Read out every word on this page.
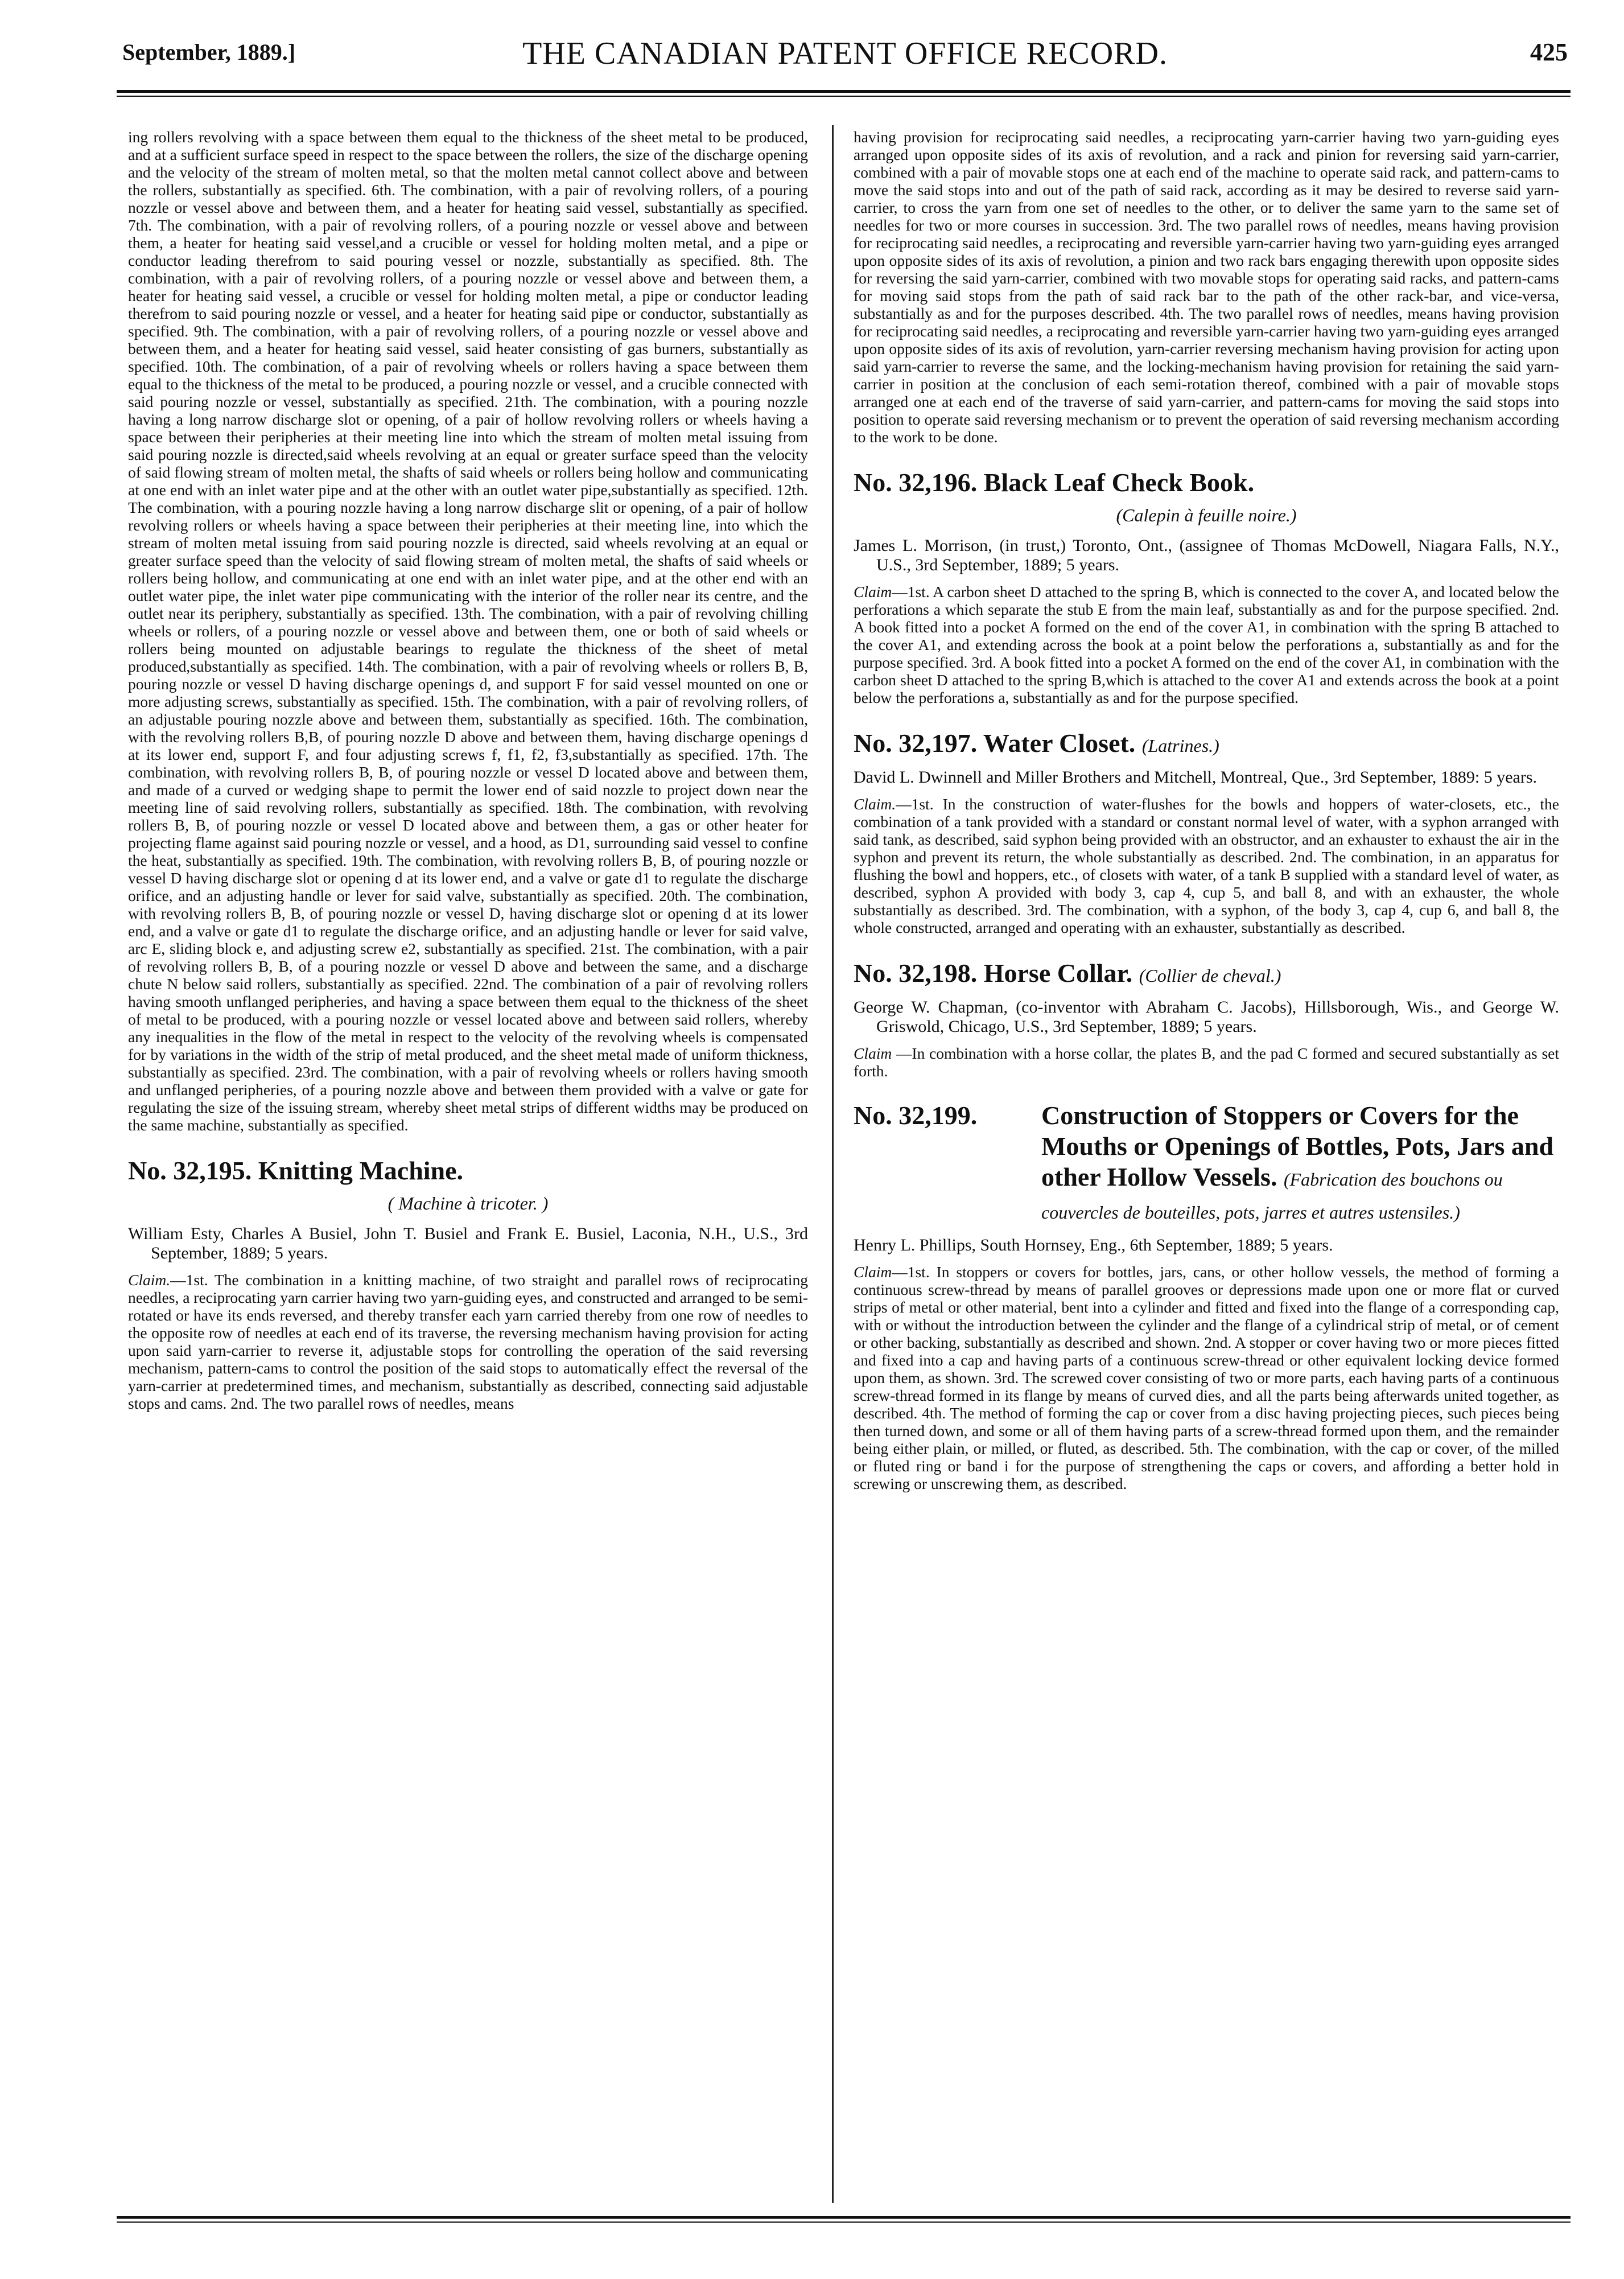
September, 1889.]	THE CANADIAN PATENT OFFICE RECORD.	425

ing rollers revolving with a space between them equal to the thickness of the sheet metal to be produced, and at a sufficient surface speed in respect to the space between the rollers, the size of the discharge opening and the velocity of the stream of molten metal, so that the molten metal cannot collect above and between the rollers, substantially as specified. 6th. The combination, with a pair of revolving rollers, of a pouring nozzle or vessel above and between them, and a heater for heating said vessel, substantially as specified. 7th. The combination, with a pair of revolving rollers, of a pouring nozzle or vessel above and between them, a heater for heating said vessel,and a crucible or vessel for holding molten metal, and a pipe or conductor leading therefrom to said pouring vessel or nozzle, substantially as specified. 8th. The combination, with a pair of revolving rollers, of a pouring nozzle or vessel above and between them, a heater for heating said vessel, a crucible or vessel for holding molten metal, a pipe or conductor leading therefrom to said pouring nozzle or vessel, and a heater for heating said pipe or conductor, substantially as specified. 9th. The combination, with a pair of revolving rollers, of a pouring nozzle or vessel above and between them, and a heater for heating said vessel, said heater consisting of gas burners, substantially as specified. 10th. The combination, of a pair of revolving wheels or rollers having a space between them equal to the thickness of the metal to be produced, a pouring nozzle or vessel, and a crucible connected with said pouring nozzle or vessel, substantially as specified. 21th. The combination, with a pouring nozzle having a long narrow discharge slot or opening, of a pair of hollow revolving rollers or wheels having a space between their peripheries at their meeting line into which the stream of molten metal issuing from said pouring nozzle is directed,said wheels revolving at an equal or greater surface speed than the velocity of said flowing stream of molten metal, the shafts of said wheels or rollers being hollow and communicating at one end with an inlet water pipe and at the other with an outlet water pipe,substantially as specified. 12th. The combination, with a pouring nozzle having a long narrow discharge slit or opening, of a pair of hollow revolving rollers or wheels having a space between their peripheries at their meeting line, into which the stream of molten metal issuing from said pouring nozzle is directed, said wheels revolving at an equal or greater surface speed than the velocity of said flowing stream of molten metal, the shafts of said wheels or rollers being hollow, and communicating at one end with an inlet water pipe, and at the other end with an outlet water pipe, the inlet water pipe communicating with the interior of the roller near its centre, and the outlet near its periphery, substantially as specified. 13th. The combination, with a pair of revolving chilling wheels or rollers, of a pouring nozzle or vessel above and between them, one or both of said wheels or rollers being mounted on adjustable bearings to regulate the thickness of the sheet of metal produced,substantially as specified. 14th. The combination, with a pair of revolving wheels or rollers B, B, pouring nozzle or vessel D having discharge openings d, and support F for said vessel mounted on one or more adjusting screws, substantially as specified. 15th. The combination, with a pair of revolving rollers, of an adjustable pouring nozzle above and between them, substantially as specified. 16th. The combination, with the revolving rollers B,B, of pouring nozzle D above and between them, having discharge openings d at its lower end, support F, and four adjusting screws f, f1, f2, f3,substantially as specified. 17th. The combination, with revolving rollers B, B, of pouring nozzle or vessel D located above and between them, and made of a curved or wedging shape to permit the lower end of said nozzle to project down near the meeting line of said revolving rollers, substantially as specified. 18th. The combination, with revolving rollers B, B, of pouring nozzle or vessel D located above and between them, a gas or other heater for projecting flame against said pouring nozzle or vessel, and a hood, as D1, surrounding said vessel to confine the heat, substantially as specified. 19th. The combination, with revolving rollers B, B, of pouring nozzle or vessel D having discharge slot or opening d at its lower end, and a valve or gate d1 to regulate the discharge orifice, and an adjusting handle or lever for said valve, substantially as specified. 20th. The combination, with revolving rollers B, B, of pouring nozzle or vessel D, having discharge slot or opening d at its lower end, and a valve or gate d1 to regulate the discharge orifice, and an adjusting handle or lever for said valve, arc E, sliding block e, and adjusting screw e2, substantially as specified. 21st. The combination, with a pair of revolving rollers B, B, of a pouring nozzle or vessel D above and between the same, and a discharge chute N below said rollers, substantially as specified. 22nd. The combination of a pair of revolving rollers having smooth unflanged peripheries, and having a space between them equal to the thickness of the sheet of metal to be produced, with a pouring nozzle or vessel located above and between said rollers, whereby any inequalities in the flow of the metal in respect to the velocity of the revolving wheels is compensated for by variations in the width of the strip of metal produced, and the sheet metal made of uniform thickness, substantially as specified. 23rd. The combination, with a pair of revolving wheels or rollers having smooth and unflanged peripheries, of a pouring nozzle above and between them provided with a valve or gate for regulating the size of the issuing stream, whereby sheet metal strips of different widths may be produced on the same machine, substantially as specified.

No. 32,195. Knitting Machine.
( Machine à tricoter. )
William Esty, Charles A Busiel, John T. Busiel and Frank E. Busiel, Laconia, N.H., U.S., 3rd September, 1889; 5 years.

Claim.—1st. The combination in a knitting machine, of two straight and parallel rows of reciprocating needles, a reciprocating yarn carrier having two yarn-guiding eyes, and constructed and arranged to be semi-rotated or have its ends reversed, and thereby transfer each yarn carried thereby from one row of needles to the opposite row of needles at each end of its traverse, the reversing mechanism having provision for acting upon said yarn-carrier to reverse it, adjustable stops for controlling the operation of the said reversing mechanism, pattern-cams to control the position of the said stops to automatically effect the reversal of the yarn-carrier at predetermined times, and mechanism, substantially as described, connecting said adjustable stops and cams. 2nd. The two parallel rows of needles, means

having provision for reciprocating said needles, a reciprocating yarn-carrier having two yarn-guiding eyes arranged upon opposite sides of its axis of revolution, and a rack and pinion for reversing said yarn-carrier, combined with a pair of movable stops one at each end of the machine to operate said rack, and pattern-cams to move the said stops into and out of the path of said rack, according as it may be desired to reverse said yarn-carrier, to cross the yarn from one set of needles to the other, or to deliver the same yarn to the same set of needles for two or more courses in succession. 3rd. The two parallel rows of needles, means having provision for reciprocating said needles, a reciprocating and reversible yarn-carrier having two yarn-guiding eyes arranged upon opposite sides of its axis of revolution, a pinion and two rack bars engaging therewith upon opposite sides for reversing the said yarn-carrier, combined with two movable stops for operating said racks, and pattern-cams for moving said stops from the path of said rack bar to the path of the other rack-bar, and vice-versa, substantially as and for the purposes described. 4th. The two parallel rows of needles, means having provision for reciprocating said needles, a reciprocating and reversible yarn-carrier having two yarn-guiding eyes arranged upon opposite sides of its axis of revolution, yarn-carrier reversing mechanism having provision for acting upon said yarn-carrier to reverse the same, and the locking-mechanism having provision for retaining the said yarn-carrier in position at the conclusion of each semi-rotation thereof, combined with a pair of movable stops arranged one at each end of the traverse of said yarn-carrier, and pattern-cams for moving the said stops into position to operate said reversing mechanism or to prevent the operation of said reversing mechanism according to the work to be done.

No. 32,196. Black Leaf Check Book.
(Calepin à feuille noire.)
James L. Morrison, (in trust,) Toronto, Ont., (assignee of Thomas McDowell, Niagara Falls, N.Y., U.S., 3rd September, 1889; 5 years.

Claim—1st. A carbon sheet D attached to the spring B, which is connected to the cover A, and located below the perforations a which separate the stub E from the main leaf, substantially as and for the purpose specified. 2nd. A book fitted into a pocket A formed on the end of the cover A1, in combination with the spring B attached to the cover A1, and extending across the book at a point below the perforations a, substantially as and for the purpose specified. 3rd. A book fitted into a pocket A formed on the end of the cover A1, in combination with the carbon sheet D attached to the spring B,which is attached to the cover A1 and extends across the book at a point below the perforations a, substantially as and for the purpose specified.

No. 32,197. Water Closet. (Latrines.)
David L. Dwinnell and Miller Brothers and Mitchell, Montreal, Que., 3rd September, 1889: 5 years.

Claim.—1st. In the construction of water-flushes for the bowls and hoppers of water-closets, etc., the combination of a tank provided with a standard or constant normal level of water, with a syphon arranged with said tank, as described, said syphon being provided with an obstructor, and an exhauster to exhaust the air in the syphon and prevent its return, the whole substantially as described. 2nd. The combination, in an apparatus for flushing the bowl and hoppers, etc., of closets with water, of a tank B supplied with a standard level of water, as described, syphon A provided with body 3, cap 4, cup 5, and ball 8, and with an exhauster, the whole substantially as described. 3rd. The combination, with a syphon, of the body 3, cap 4, cup 6, and ball 8, the whole constructed, arranged and operating with an exhauster, substantially as described.

No. 32,198. Horse Collar. (Collier de cheval.)
George W. Chapman, (co-inventor with Abraham C. Jacobs), Hillsborough, Wis., and George W. Griswold, Chicago, U.S., 3rd September, 1889; 5 years.

Claim —In combination with a horse collar, the plates B, and the pad C formed and secured substantially as set forth.

No. 32,199.	Construction of Stoppers or Covers for the Mouths or Openings of Bottles, Pots, Jars and other Hollow Vessels. (Fabrication des bouchons ou couvercles de bouteilles, pots, jarres et autres ustensiles.)
Henry L. Phillips, South Hornsey, Eng., 6th September, 1889; 5 years.

Claim—1st. In stoppers or covers for bottles, jars, cans, or other hollow vessels, the method of forming a continuous screw-thread by means of parallel grooves or depressions made upon one or more flat or curved strips of metal or other material, bent into a cylinder and fitted and fixed into the flange of a corresponding cap, with or without the introduction between the cylinder and the flange of a cylindrical strip of metal, or of cement or other backing, substantially as described and shown. 2nd. A stopper or cover having two or more pieces fitted and fixed into a cap and having parts of a continuous screw-thread or other equivalent locking device formed upon them, as shown. 3rd. The screwed cover consisting of two or more parts, each having parts of a continuous screw-thread formed in its flange by means of curved dies, and all the parts being afterwards united together, as described. 4th. The method of forming the cap or cover from a disc having projecting pieces, such pieces being then turned down, and some or all of them having parts of a screw-thread formed upon them, and the remainder being either plain, or milled, or fluted, as described. 5th. The combination, with the cap or cover, of the milled or fluted ring or band i for the purpose of strengthening the caps or covers, and affording a better hold in screwing or unscrewing them, as described.
